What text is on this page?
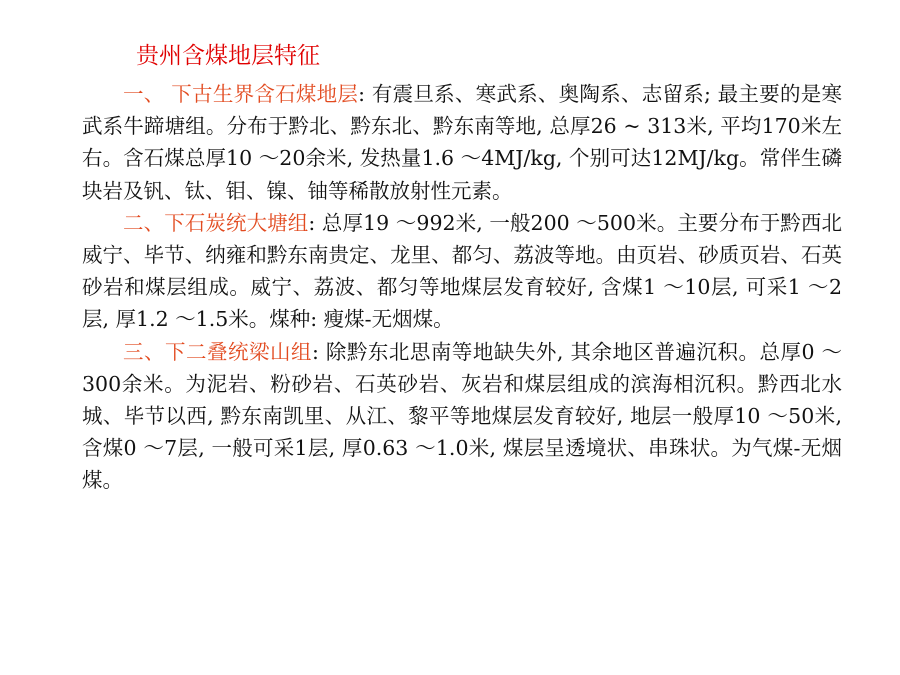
贵州含煤地层特征

一、 下古生界含石煤地层: 有震旦系、寒武系、奥陶系、志留系; 最主要的是寒武系牛蹄塘组。分布于黔北、黔东北、黔东南等地, 总厚26 ~ 313米, 平均170米左右。含石煤总厚10 ～20余米, 发热量1.6 ～4MJ/kg, 个别可达12MJ/kg。常伴生磷块岩及钒、钛、钼、镍、铀等稀散放射性元素。

二、下石炭统大塘组: 总厚19 ～992米, 一般200 ～500米。主要分布于黔西北威宁、毕节、纳雍和黔东南贵定、龙里、都匀、荔波等地。由页岩、砂质页岩、石英砂岩和煤层组成。威宁、荔波、都匀等地煤层发育较好, 含煤1 ～10层, 可采1 ～2层, 厚1.2 ～1.5米。煤种: 瘦煤-无烟煤。

三、下二叠统梁山组: 除黔东北思南等地缺失外, 其余地区普遍沉积。总厚0 ～300余米。为泥岩、粉砂岩、石英砂岩、灰岩和煤层组成的滨海相沉积。黔西北水城、毕节以西, 黔东南凯里、从江、黎平等地煤层发育较好, 地层一般厚10 ～50米, 含煤0 ～7层, 一般可采1层, 厚0.63 ～1.0米, 煤层呈透境状、串珠状。为气煤-无烟煤。
